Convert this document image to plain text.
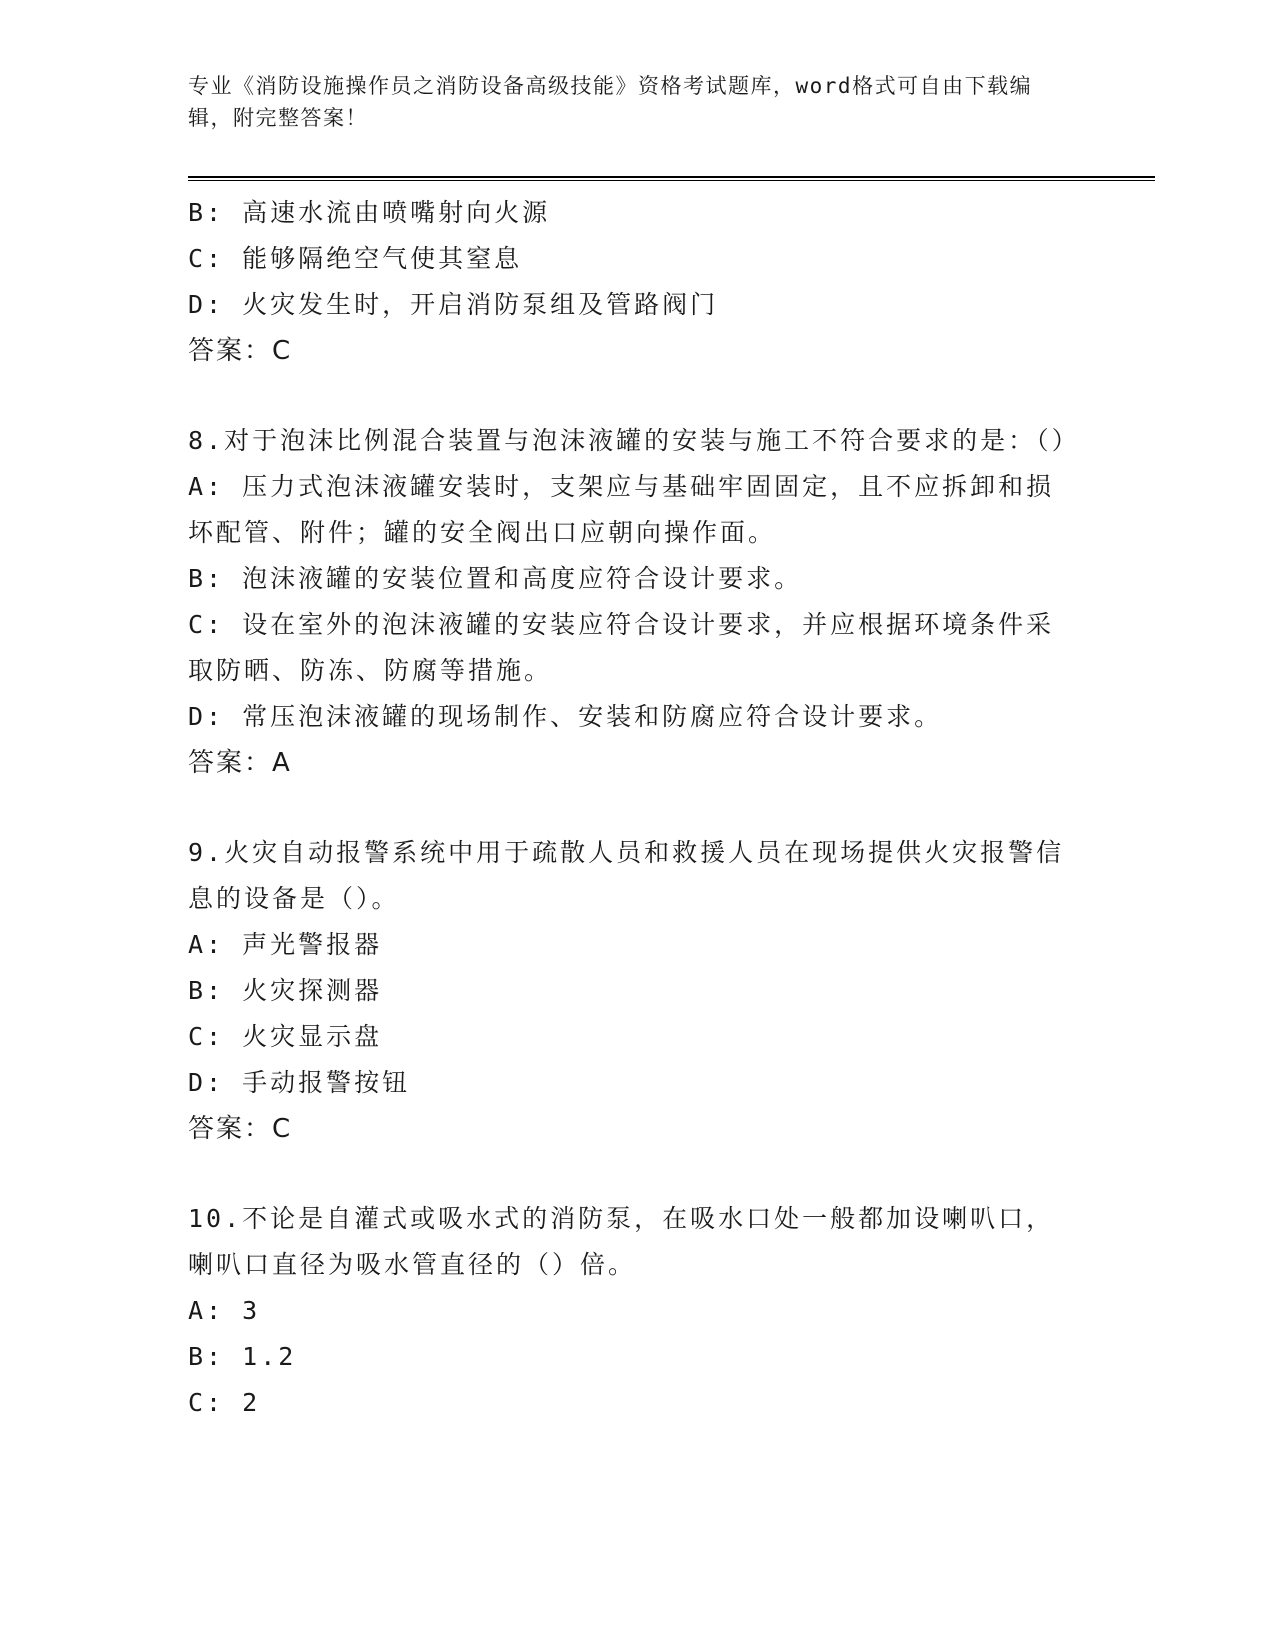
专业《消防设施操作员之消防设备高级技能》资格考试题库，word格式可自由下载编辑，附完整答案！

B: 高速水流由喷嘴射向火源

C: 能够隔绝空气使其窒息

D: 火灾发生时，开启消防泵组及管路阀门

答案：C

8.对于泡沫比例混合装置与泡沫液罐的安装与施工不符合要求的是：（）

A: 压力式泡沫液罐安装时，支架应与基础牢固固定，且不应拆卸和损坏配管、附件；罐的安全阀出口应朝向操作面。

B: 泡沫液罐的安装位置和高度应符合设计要求。

C: 设在室外的泡沫液罐的安装应符合设计要求，并应根据环境条件采取防晒、防冻、防腐等措施。

D: 常压泡沫液罐的现场制作、安装和防腐应符合设计要求。

答案：A

9.火灾自动报警系统中用于疏散人员和救援人员在现场提供火灾报警信息的设备是（）。

A: 声光警报器

B: 火灾探测器

C: 火灾显示盘

D: 手动报警按钮

答案：C

10.不论是自灌式或吸水式的消防泵，在吸水口处一般都加设喇叭口，喇叭口直径为吸水管直径的（）倍。

A: 3

B: 1.2

C: 2
